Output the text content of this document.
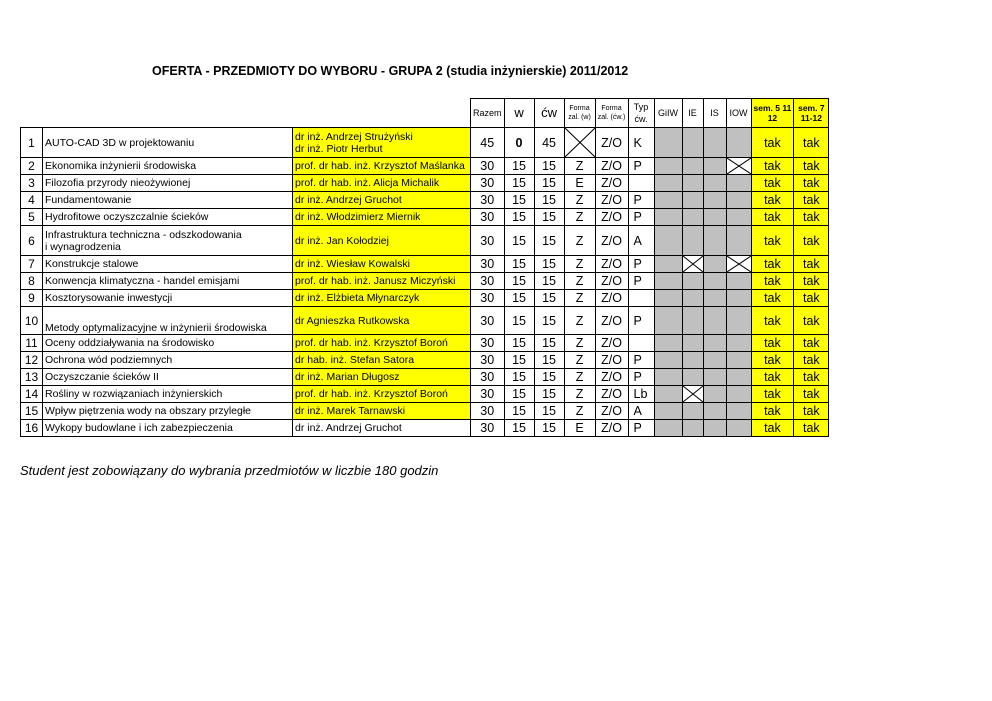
OFERTA - PRZEDMIOTY DO WYBORU - GRUPA 2 (studia inżynierskie) 2011/2012
			Razem	w	ćw	Forma
zal. (w)	Forma
zal. (ćw.)	Typ
ćw.	GiIW	IE	IS	IOW	sem. 5 11
12	sem. 7
11-12
1	AUTO-CAD 3D w projektowaniu	dr inż. Andrzej Strużyński
dr inż. Piotr Herbut	45	0	45		Z/O	K					tak	tak
2	Ekonomika inżynierii środowiska	prof. dr hab. inż. Krzysztof Maślanka	30	15	15	Z	Z/O	P					tak	tak
3	Filozofia przyrody nieożywionej	prof. dr hab. inż. Alicja Michalik	30	15	15	E	Z/O						tak	tak
4	Fundamentowanie	dr inż. Andrzej Gruchot	30	15	15	Z	Z/O	P					tak	tak
5	Hydrofitowe oczyszczalnie ścieków	dr inż. Włodzimierz Miernik	30	15	15	Z	Z/O	P					tak	tak
6	Infrastruktura techniczna - odszkodowania
i wynagrodzenia	dr inż. Jan Kołodziej	30	15	15	Z	Z/O	A					tak	tak
7	Konstrukcje stalowe	dr inż. Wiesław Kowalski	30	15	15	Z	Z/O	P					tak	tak
8	Konwencja klimatyczna - handel emisjami	prof. dr hab. inż. Janusz Miczyński	30	15	15	Z	Z/O	P					tak	tak
9	Kosztorysowanie inwestycji	dr inż. Elżbieta Młynarczyk	30	15	15	Z	Z/O						tak	tak
10	Metody optymalizacyjne w inżynierii środowiska	dr Agnieszka Rutkowska	30	15	15	Z	Z/O	P					tak	tak
11	Oceny oddziaływania na środowisko	prof. dr hab. inż. Krzysztof Boroń	30	15	15	Z	Z/O						tak	tak
12	Ochrona wód podziemnych	dr hab. inż. Stefan Satora	30	15	15	Z	Z/O	P					tak	tak
13	Oczyszczanie ścieków II	dr inż. Marian Długosz	30	15	15	Z	Z/O	P					tak	tak
14	Rośliny w rozwiązaniach inżynierskich	prof. dr hab. inż. Krzysztof Boroń	30	15	15	Z	Z/O	Lb					tak	tak
15	Wpływ piętrzenia wody na obszary przyległe	dr inż. Marek Tarnawski	30	15	15	Z	Z/O	A					tak	tak
16	Wykopy budowlane i ich zabezpieczenia	dr inż. Andrzej Gruchot	30	15	15	E	Z/O	P					tak	tak
Student jest zobowiązany do wybrania przedmiotów w liczbie 180 godzin
